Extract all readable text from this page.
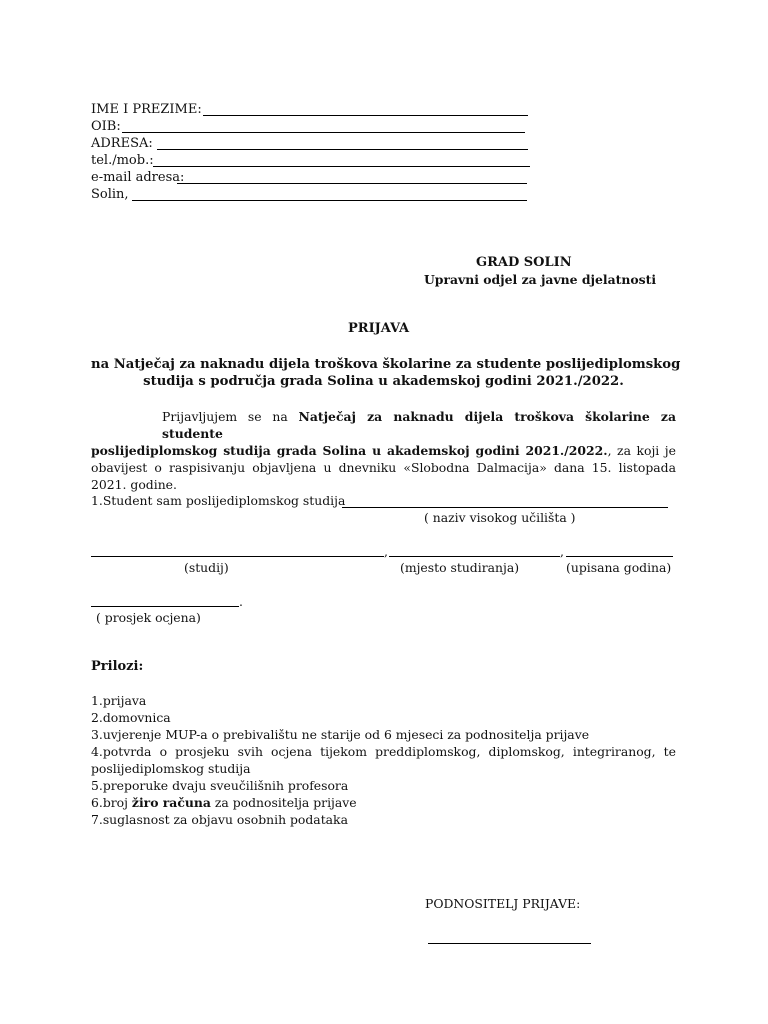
IME I PREZIME:
OIB:
ADRESA:
tel./mob.:
e-mail adresa:
Solin,
GRAD SOLIN
Upravni odjel za javne djelatnosti
PRIJAVA
na Natječaj za naknadu dijela troškova školarine za studente poslijediplomskog
studija s područja grada Solina u akademskoj godini 2021./2022.
Prijavljujem se na Natječaj za naknadu dijela troškova školarine za studente
poslijediplomskog studija grada Solina u akademskoj godini 2021./2022., za koji je
obavijest o raspisivanju objavljena u dnevniku «Slobodna Dalmacija» dana 15. listopada
2021. godine.
1.Student sam poslijediplomskog studija
( naziv visokog učilišta )
,	,
(studij)	(mjesto studiranja)	(upisana godina)
.
( prosjek ocjena)
Prilozi:
1.prijava
2.domovnica
3.uvjerenje MUP-a o prebivalištu ne starije od 6 mjeseci za podnositelja prijave
4.potvrda o prosjeku svih ocjena tijekom preddiplomskog, diplomskog, integriranog, te
poslijediplomskog studija
5.preporuke dvaju sveučilišnih profesora
6.broj žiro računa za podnositelja prijave
7.suglasnost za objavu osobnih podataka
PODNOSITELJ PRIJAVE:
